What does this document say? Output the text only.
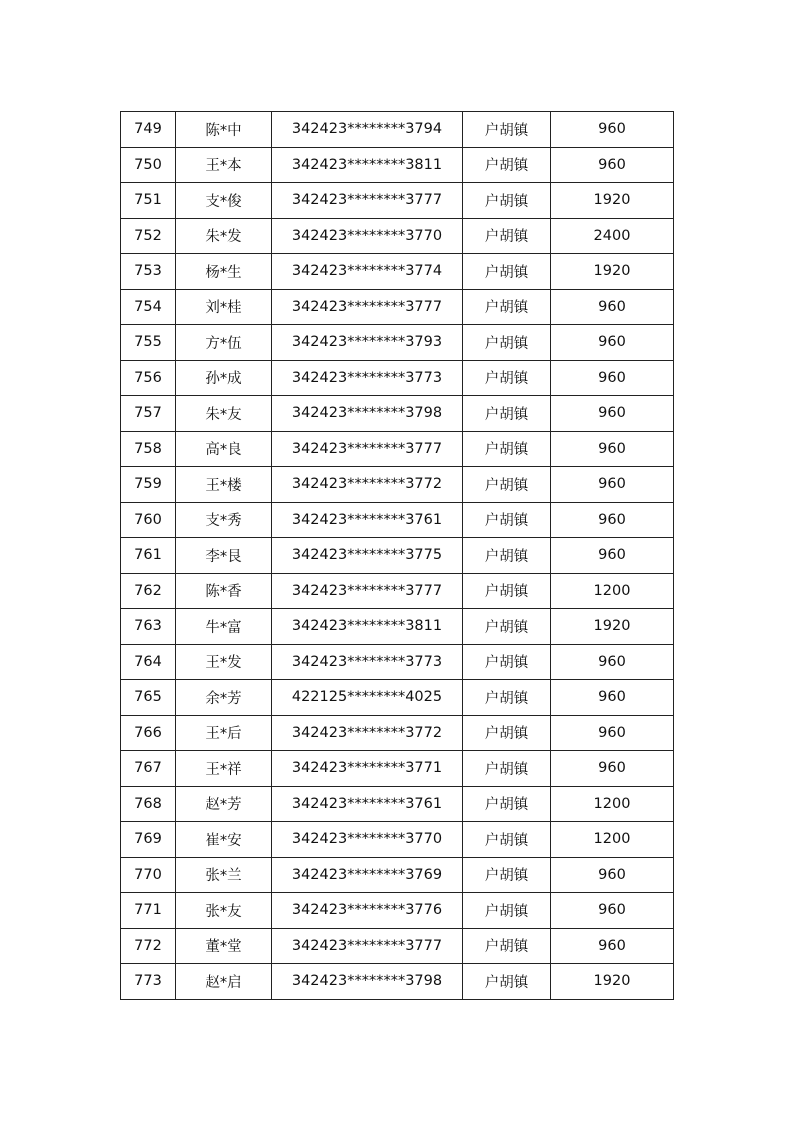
749	陈*中	342423********3794	户胡镇	960
750	王*本	342423********3811	户胡镇	960
751	支*俊	342423********3777	户胡镇	1920
752	朱*发	342423********3770	户胡镇	2400
753	杨*生	342423********3774	户胡镇	1920
754	刘*桂	342423********3777	户胡镇	960
755	方*伍	342423********3793	户胡镇	960
756	孙*成	342423********3773	户胡镇	960
757	朱*友	342423********3798	户胡镇	960
758	高*良	342423********3777	户胡镇	960
759	王*楼	342423********3772	户胡镇	960
760	支*秀	342423********3761	户胡镇	960
761	李*艮	342423********3775	户胡镇	960
762	陈*香	342423********3777	户胡镇	1200
763	牛*富	342423********3811	户胡镇	1920
764	王*发	342423********3773	户胡镇	960
765	余*芳	422125********4025	户胡镇	960
766	王*后	342423********3772	户胡镇	960
767	王*祥	342423********3771	户胡镇	960
768	赵*芳	342423********3761	户胡镇	1200
769	崔*安	342423********3770	户胡镇	1200
770	张*兰	342423********3769	户胡镇	960
771	张*友	342423********3776	户胡镇	960
772	董*堂	342423********3777	户胡镇	960
773	赵*启	342423********3798	户胡镇	1920
